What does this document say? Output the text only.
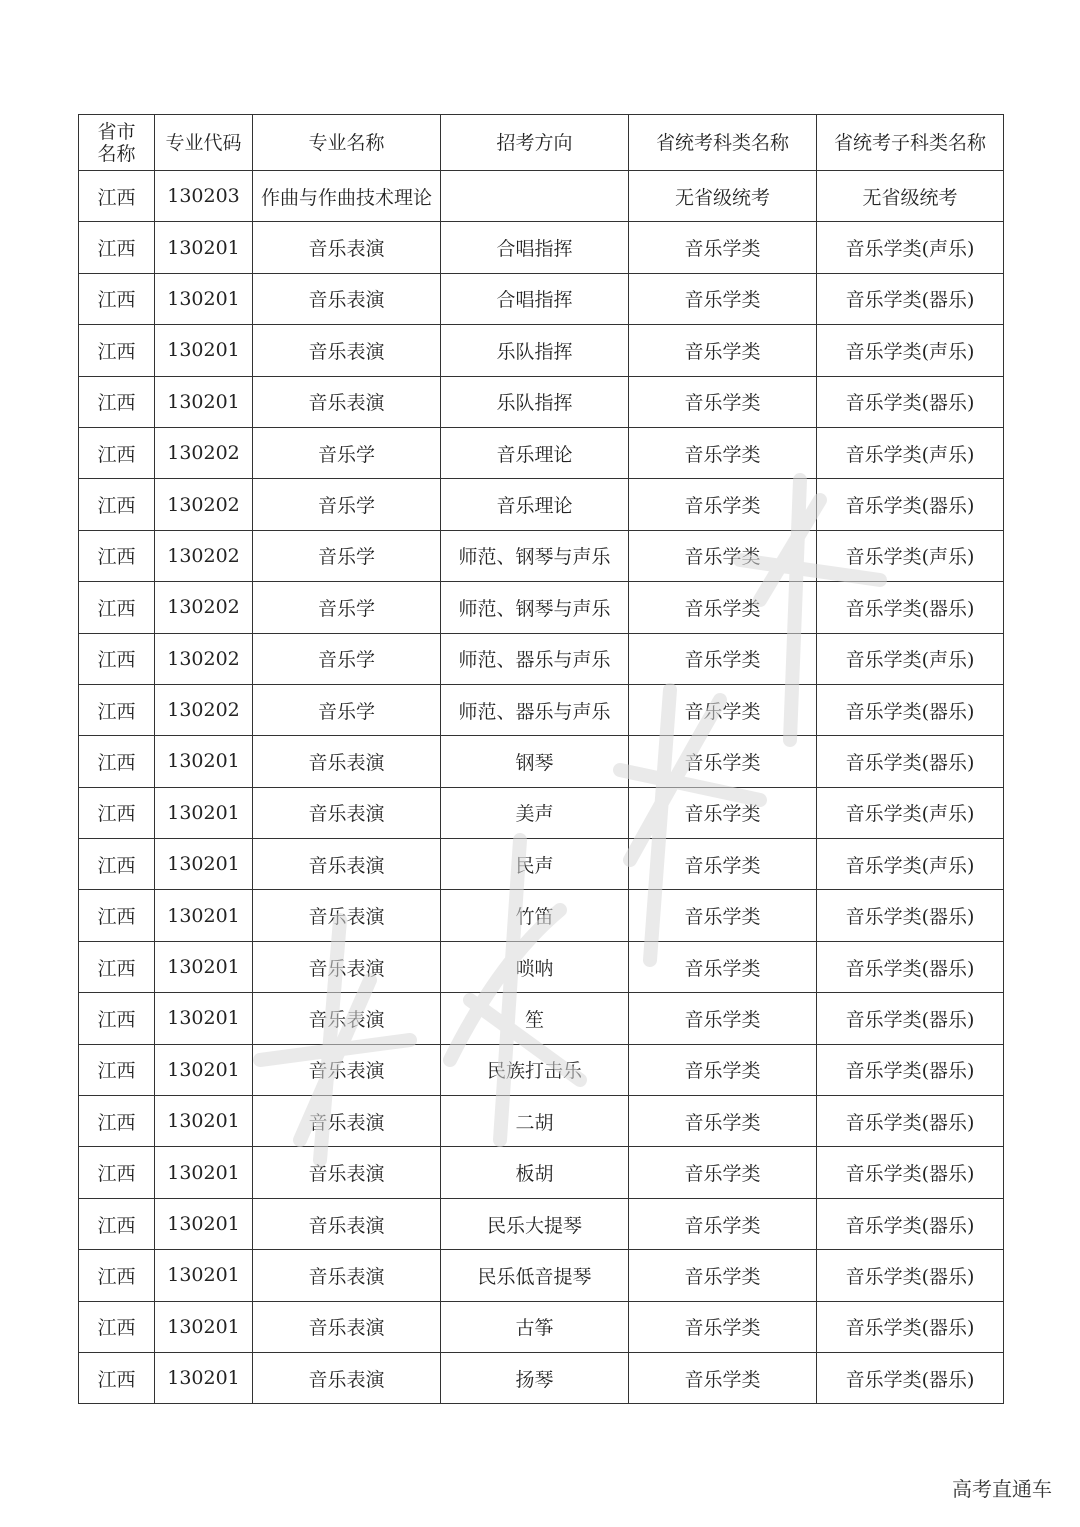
省市
名称	专业代码	专业名称	招考方向	省统考科类名称	省统考子科类名称
江西	130203	作曲与作曲技术理论		无省级统考	无省级统考
江西	130201	音乐表演	合唱指挥	音乐学类	音乐学类(声乐)
江西	130201	音乐表演	合唱指挥	音乐学类	音乐学类(器乐)
江西	130201	音乐表演	乐队指挥	音乐学类	音乐学类(声乐)
江西	130201	音乐表演	乐队指挥	音乐学类	音乐学类(器乐)
江西	130202	音乐学	音乐理论	音乐学类	音乐学类(声乐)
江西	130202	音乐学	音乐理论	音乐学类	音乐学类(器乐)
江西	130202	音乐学	师范、钢琴与声乐	音乐学类	音乐学类(声乐)
江西	130202	音乐学	师范、钢琴与声乐	音乐学类	音乐学类(器乐)
江西	130202	音乐学	师范、器乐与声乐	音乐学类	音乐学类(声乐)
江西	130202	音乐学	师范、器乐与声乐	音乐学类	音乐学类(器乐)
江西	130201	音乐表演	钢琴	音乐学类	音乐学类(器乐)
江西	130201	音乐表演	美声	音乐学类	音乐学类(声乐)
江西	130201	音乐表演	民声	音乐学类	音乐学类(声乐)
江西	130201	音乐表演	竹笛	音乐学类	音乐学类(器乐)
江西	130201	音乐表演	唢呐	音乐学类	音乐学类(器乐)
江西	130201	音乐表演	笙	音乐学类	音乐学类(器乐)
江西	130201	音乐表演	民族打击乐	音乐学类	音乐学类(器乐)
江西	130201	音乐表演	二胡	音乐学类	音乐学类(器乐)
江西	130201	音乐表演	板胡	音乐学类	音乐学类(器乐)
江西	130201	音乐表演	民乐大提琴	音乐学类	音乐学类(器乐)
江西	130201	音乐表演	民乐低音提琴	音乐学类	音乐学类(器乐)
江西	130201	音乐表演	古筝	音乐学类	音乐学类(器乐)
江西	130201	音乐表演	扬琴	音乐学类	音乐学类(器乐)
高考直通车
